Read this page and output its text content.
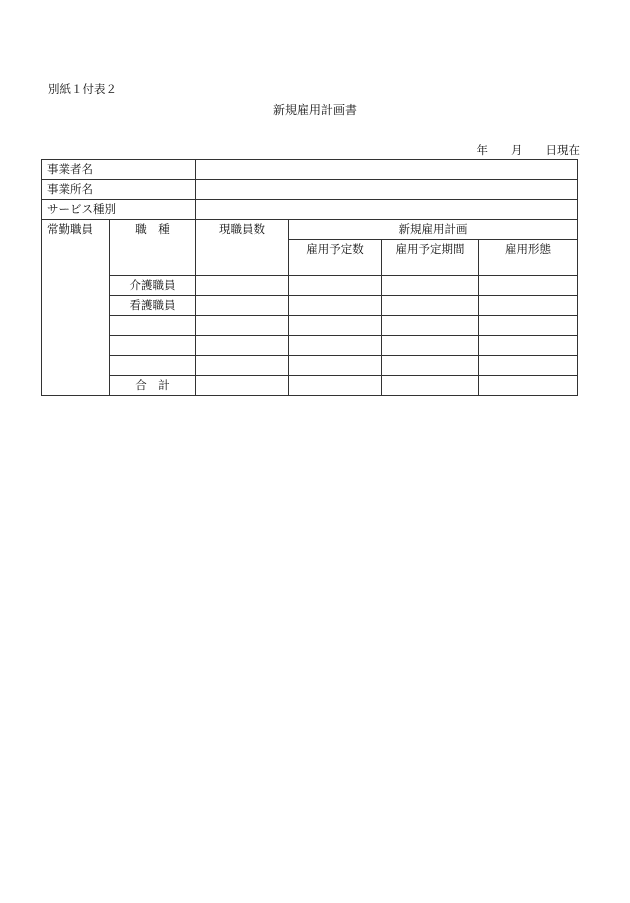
別紙１付表２
新規雇用計画書
年　　月　　日現在
事業者名					
事業所名					
サービス種別					
常勤職員	職　種	現職員数	新規雇用計画		
			雇用予定数	雇用予定期間	雇用形態
	介護職員				
	看護職員				

	合　計				
